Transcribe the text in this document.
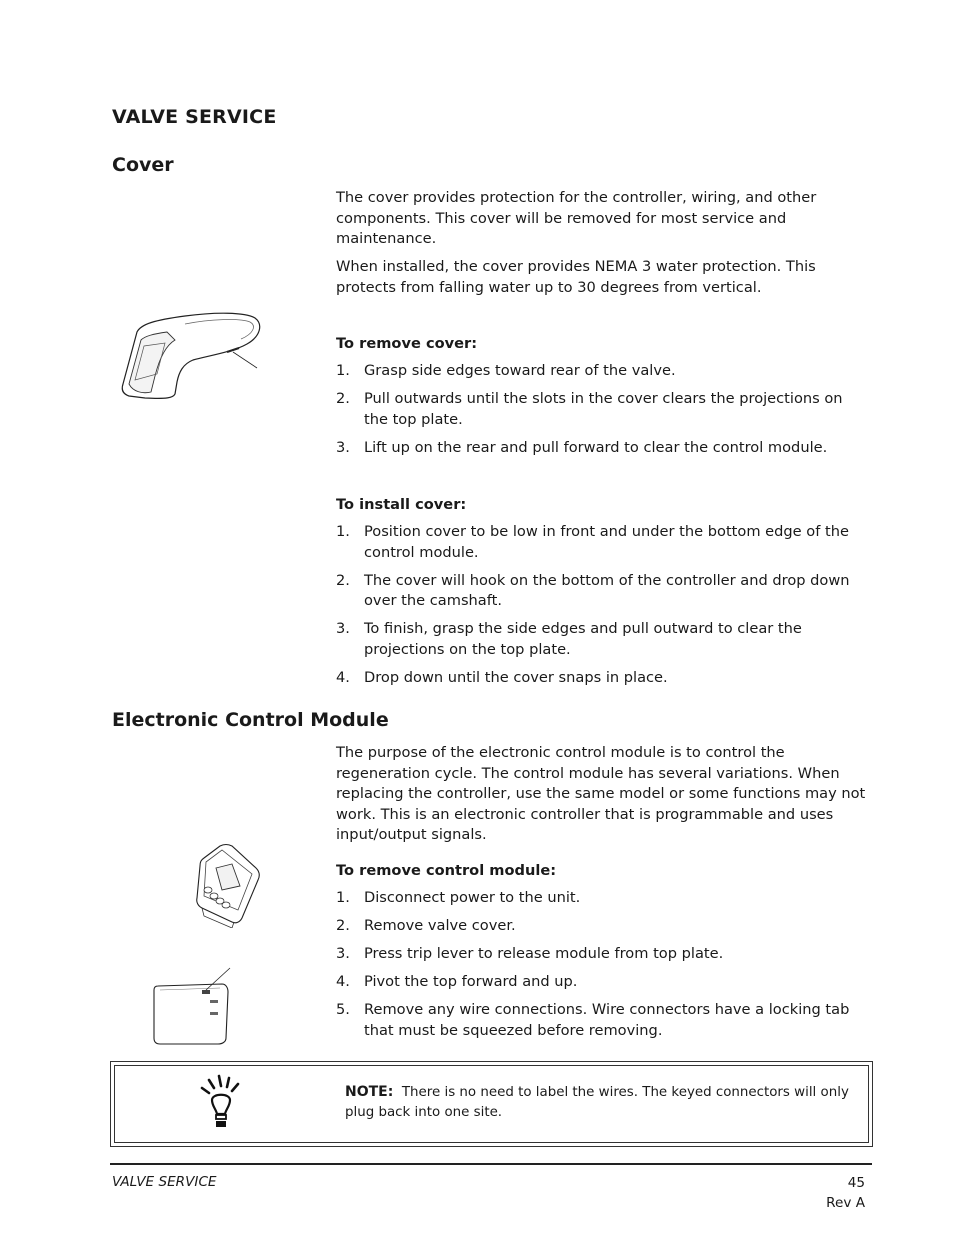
VALVE SERVICE
Cover
The cover provides protection for the controller, wiring, and other components. This cover will be removed for most service and maintenance.
When installed, the cover provides NEMA 3 water protection. This protects from falling water up to 30 degrees from vertical.
To remove cover:
1. Grasp side edges toward rear of the valve.
2. Pull outwards until the slots in the cover clears the projections on the top plate.
3. Lift up on the rear and pull forward to clear the control module.
To install cover:
1. Position cover to be low in front and under the bottom edge of the control module.
2. The cover will hook on the bottom of the controller and drop down over the camshaft.
3. To finish, grasp the side edges and pull outward to clear the projections on the top plate.
4. Drop down until the cover snaps in place.
Electronic Control Module
The purpose of the electronic control module is to control the regeneration cycle. The control module has several variations. When replacing the controller, use the same model or some functions may not work. This is an electronic controller that is programmable and uses input/output signals.
To remove control module:
1. Disconnect power to the unit.
2. Remove valve cover.
3. Press trip lever to release module from top plate.
4. Pivot the top forward and up.
5. Remove any wire connections. Wire connectors have a locking tab that must be squeezed before removing.
NOTE: There is no need to label the wires. The keyed connectors will only plug back into one site.
VALVE SERVICE	45
Rev A
